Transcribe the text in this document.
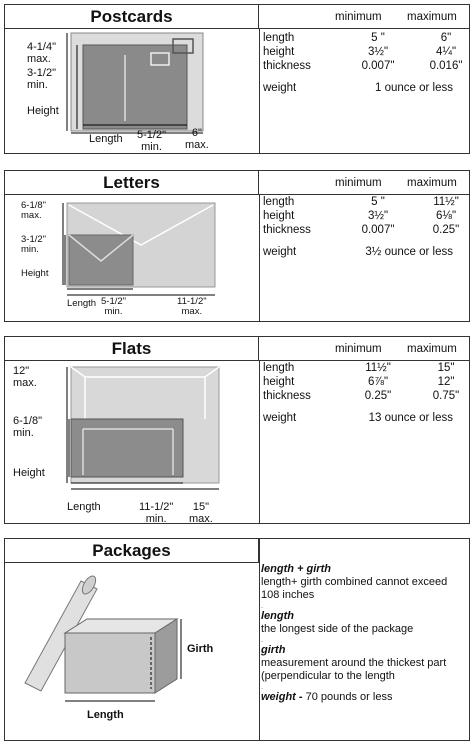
Postcards	minimum maximum
4-1/4"
max.
3-1/2"
min.
Height
Length 5-1/2"
min.
6"
max.
length	5 "	6"
height	3½"	4¼"
thickness	0.007"	0.016"
weight	1 ounce or less
Letters	minimum maximum
6-1/8"
max.
3-1/2"
min.
Height
Length 5-1/2"
min.
11-1/2"
max.
length	5 "	11½"
height	3½"	6⅛"
thickness	0.007"	0.25"
weight	3½ ounce or less
Flats	minimum maximum
12"
max.
6-1/8"
min.
Height
Length	11-1/2"
min.
15"
max.
length	11½"	15"
height	6⅞"	12"
thickness	0.25"	0.75"
weight	13 ounce or less
Packages
Girth
Length
length + girth
length+ girth combined cannot exceed 108 inches
.
length
the longest side of the package
.
girth
measurement around the thickest part (perpendicular to the length
.
weight - 70 pounds or less
